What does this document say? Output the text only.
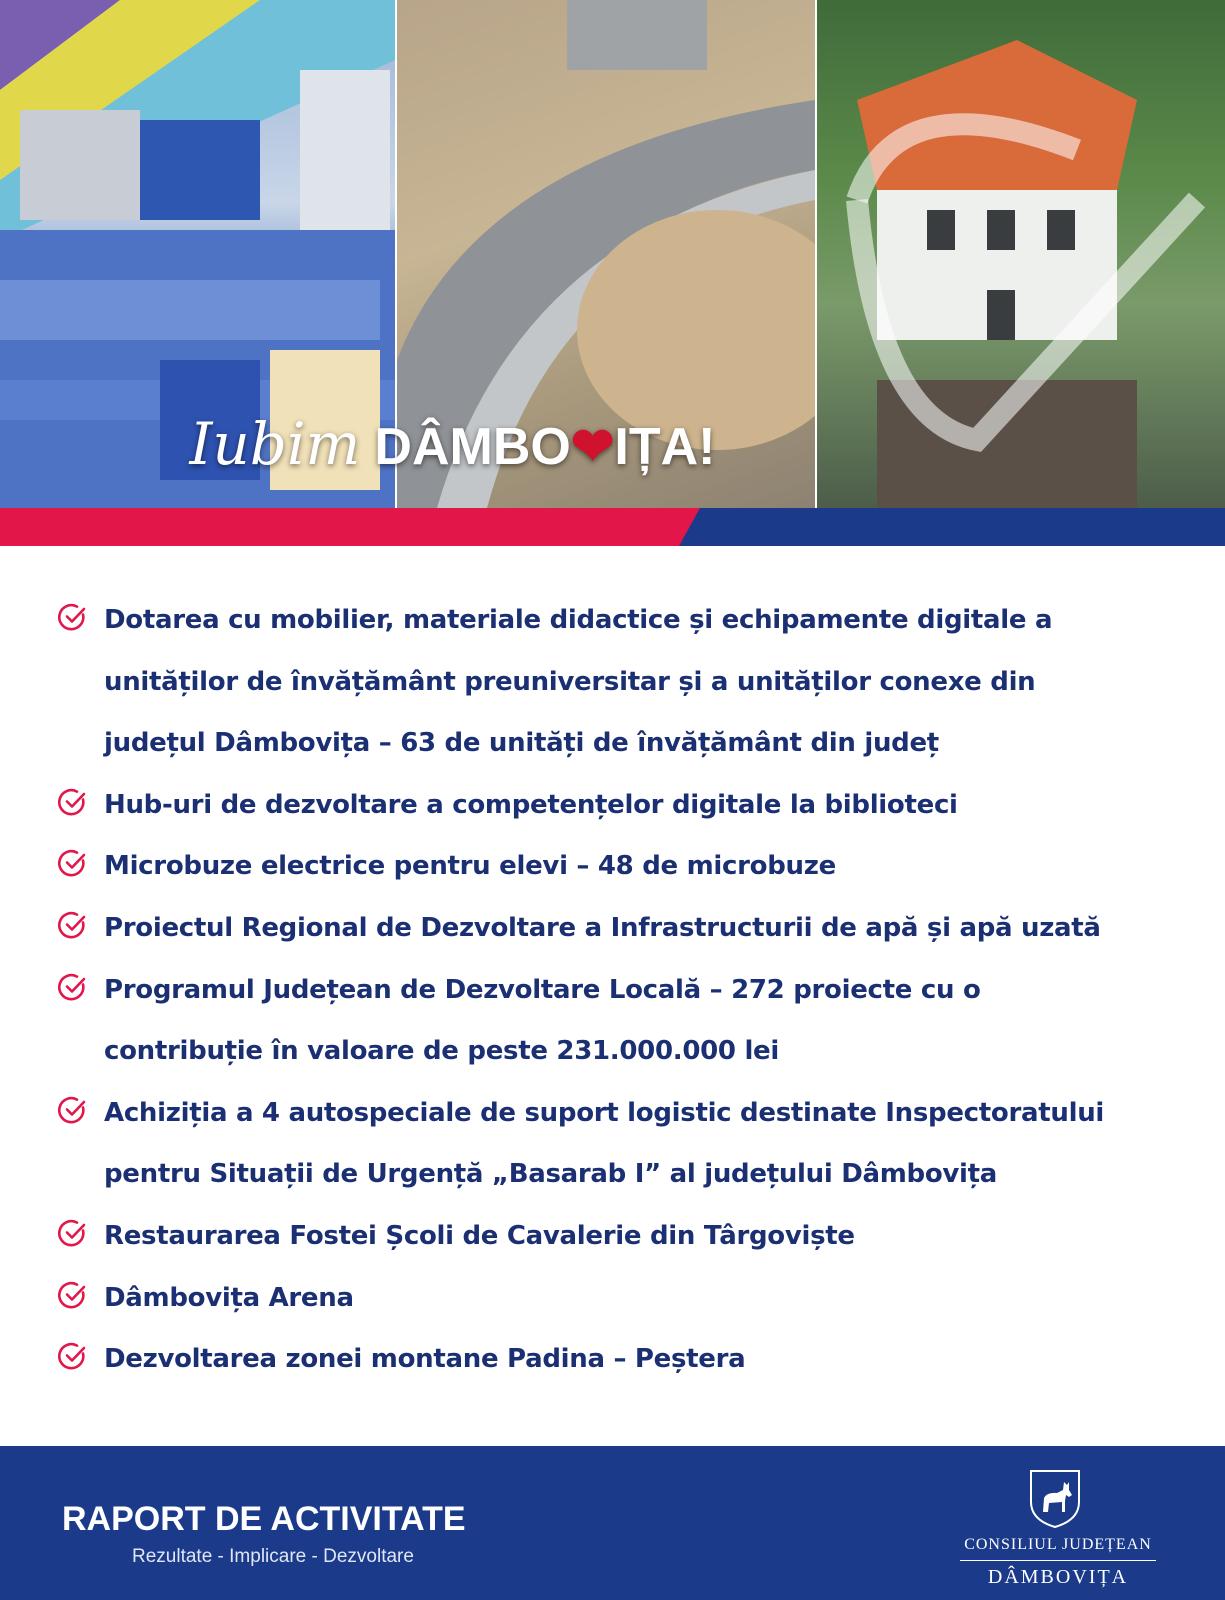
Iubim DÂMBO❤IȚA!
Dotarea cu mobilier, materiale didactice și echipamente digitale a
unităților de învățământ preuniversitar și a unităților conexe din
județul Dâmbovița – 63 de unități de învățământ din județ
Hub-uri de dezvoltare a competențelor digitale la biblioteci
Microbuze electrice pentru elevi – 48 de microbuze
Proiectul Regional de Dezvoltare a Infrastructurii de apă și apă uzată
Programul Județean de Dezvoltare Locală – 272 proiecte cu o
contribuție în valoare de peste 231.000.000 lei
Achiziția a 4 autospeciale de suport logistic destinate Inspectoratului
pentru Situații de Urgență „Basarab I” al județului Dâmbovița
Restaurarea Fostei Școli de Cavalerie din Târgoviște
Dâmbovița Arena
Dezvoltarea zonei montane Padina – Peștera
RAPORT DE ACTIVITATE
Rezultate - Implicare - Dezvoltare
CONSILIUL JUDEȚEAN
DÂMBOVIȚA
